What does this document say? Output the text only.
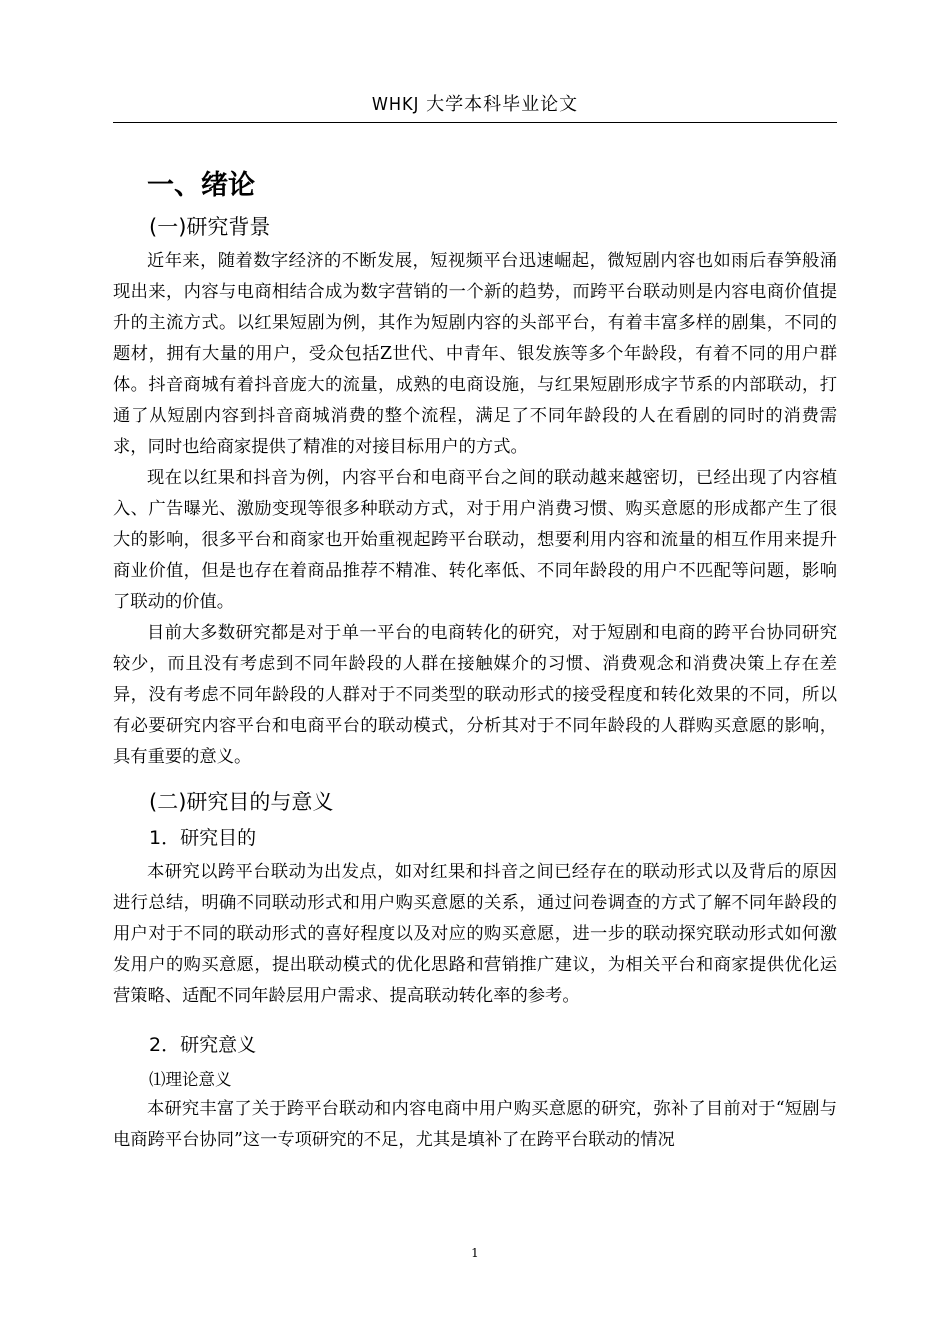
WHKJ 大学本科毕业论文
一、绪论
(一)研究背景

近年来，随着数字经济的不断发展，短视频平台迅速崛起，微短剧内容也如雨后春笋般涌现出来，内容与电商相结合成为数字营销的一个新的趋势，而跨平台联动则是内容电商价值提升的主流方式。以红果短剧为例，其作为短剧内容的头部平台，有着丰富多样的剧集，不同的题材，拥有大量的用户，受众包括Z世代、中青年、银发族等多个年龄段，有着不同的用户群体。抖音商城有着抖音庞大的流量，成熟的电商设施，与红果短剧形成字节系的内部联动，打通了从短剧内容到抖音商城消费的整个流程，满足了不同年龄段的人在看剧的同时的消费需求，同时也给商家提供了精准的对接目标用户的方式。

现在以红果和抖音为例，内容平台和电商平台之间的联动越来越密切，已经出现了内容植入、广告曝光、激励变现等很多种联动方式，对于用户消费习惯、购买意愿的形成都产生了很大的影响，很多平台和商家也开始重视起跨平台联动，想要利用内容和流量的相互作用来提升商业价值，但是也存在着商品推荐不精准、转化率低、不同年龄段的用户不匹配等问题，影响了联动的价值。

目前大多数研究都是对于单一平台的电商转化的研究，对于短剧和电商的跨平台协同研究较少，而且没有考虑到不同年龄段的人群在接触媒介的习惯、消费观念和消费决策上存在差异，没有考虑不同年龄段的人群对于不同类型的联动形式的接受程度和转化效果的不同，所以有必要研究内容平台和电商平台的联动模式，分析其对于不同年龄段的人群购买意愿的影响，具有重要的意义。

(二)研究目的与意义
1．研究目的

本研究以跨平台联动为出发点，如对红果和抖音之间已经存在的联动形式以及背后的原因进行总结，明确不同联动形式和用户购买意愿的关系，通过问卷调查的方式了解不同年龄段的用户对于不同的联动形式的喜好程度以及对应的购买意愿，进一步的联动探究联动形式如何激发用户的购买意愿，提出联动模式的优化思路和营销推广建议，为相关平台和商家提供优化运营策略、适配不同年龄层用户需求、提高联动转化率的参考。

2．研究意义
⑴理论意义

本研究丰富了关于跨平台联动和内容电商中用户购买意愿的研究，弥补了目前对于“短剧与电商跨平台协同”这一专项研究的不足，尤其是填补了在跨平台联动的情况

1
